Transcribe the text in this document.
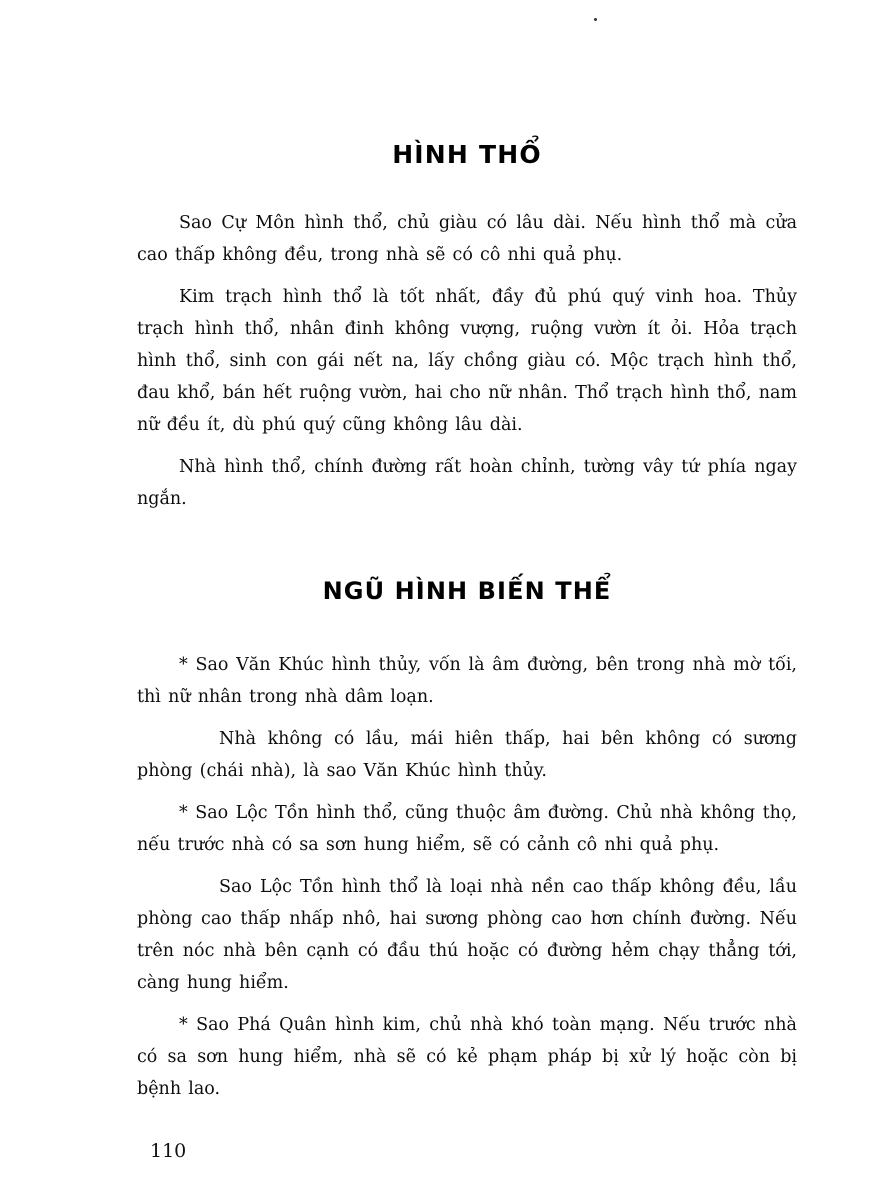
HÌNH THỔ

Sao Cự Môn hình thổ, chủ giàu có lâu dài. Nếu hình thổ mà cửa cao thấp không đều, trong nhà sẽ có cô nhi quả phụ.

Kim trạch hình thổ là tốt nhất, đầy đủ phú quý vinh hoa. Thủy trạch hình thổ, nhân đinh không vượng, ruộng vườn ít ỏi. Hỏa trạch hình thổ, sinh con gái nết na, lấy chồng giàu có. Mộc trạch hình thổ, đau khổ, bán hết ruộng vườn, hai cho nữ nhân. Thổ trạch hình thổ, nam nữ đều ít, dù phú quý cũng không lâu dài.

Nhà hình thổ, chính đường rất hoàn chỉnh, tường vây tứ phía ngay ngắn.

NGŨ HÌNH BIẾN THỂ

* Sao Văn Khúc hình thủy, vốn là âm đường, bên trong nhà mờ tối, thì nữ nhân trong nhà dâm loạn.

Nhà không có lầu, mái hiên thấp, hai bên không có sương phòng (chái nhà), là sao Văn Khúc hình thủy.

* Sao Lộc Tồn hình thổ, cũng thuộc âm đường. Chủ nhà không thọ, nếu trước nhà có sa sơn hung hiểm, sẽ có cảnh cô nhi quả phụ.

Sao Lộc Tồn hình thổ là loại nhà nền cao thấp không đều, lầu phòng cao thấp nhấp nhô, hai sương phòng cao hơn chính đường. Nếu trên nóc nhà bên cạnh có đầu thú hoặc có đường hẻm chạy thẳng tới, càng hung hiểm.

* Sao Phá Quân hình kim, chủ nhà khó toàn mạng. Nếu trước nhà có sa sơn hung hiểm, nhà sẽ có kẻ phạm pháp bị xử lý hoặc còn bị bệnh lao.

110
